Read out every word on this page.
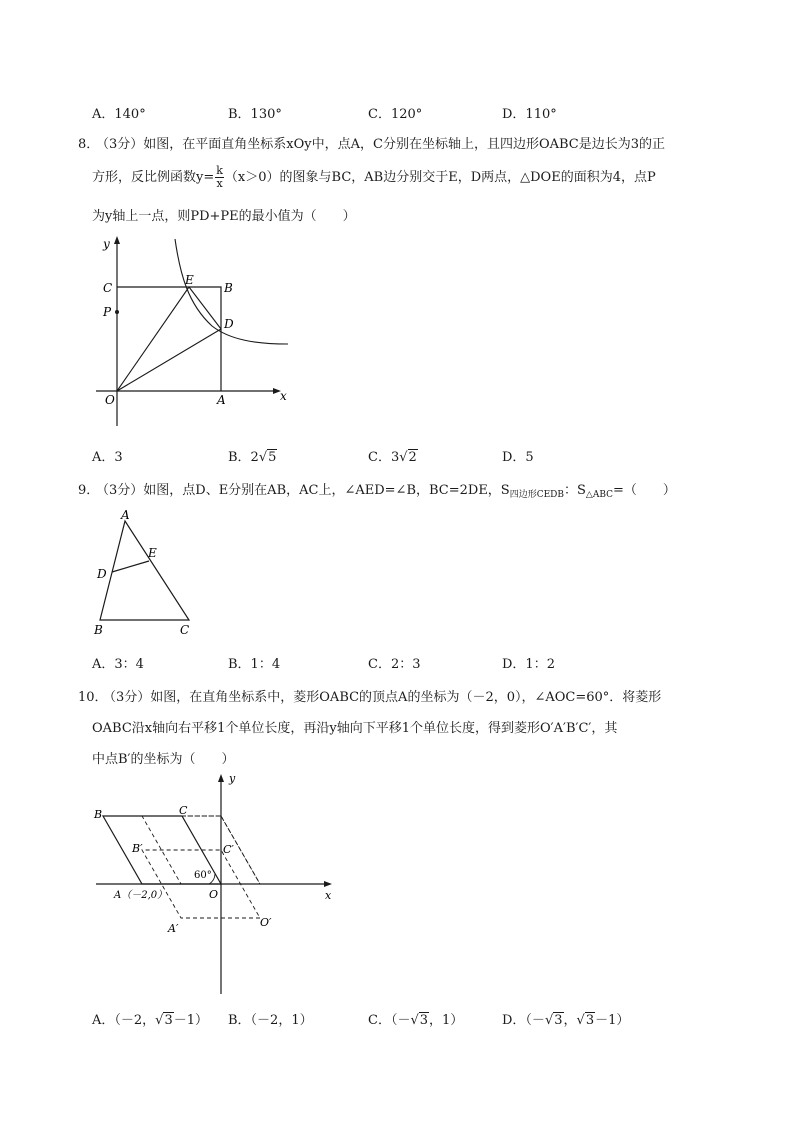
A．140°	B．130°	C．120°	D．110°
8．
（3分）如图，在平面直角坐标系xOy中，点A，C分别在坐标轴上，且四边形OABC是边长为3的正
方形，反比例函数$y= \frac{k}{x} (x>0)$的图象与BC，AB边分别交于E，D两点，△DOE的面积为4，点P
为y轴上一点，则PD+PE的最小值为（　　）
y
C
E
B
P
D
O	A	x
A．3	B．2√5	C．3√2	D．5
9．
（3分）如图，点D、E分别在AB，AC上，∠AED=∠B，BC=2DE，$S_{四边形CEDB}$：$S_{\triangle ABC}=$（　　）
A
E
D
B	C
A．3：4	B．1：4	C．2：3	D．1：2
10．
（3分）如图，在直角坐标系中，菱形OABC的顶点A的坐标为（－2，0），∠AOC=60°．将菱形
OABC沿x轴向右平移1个单位长度，再沿y轴向下平移1个单位长度，得到菱形O′A′B′C′，其
中点B′的坐标为（　　）
y
B	C
B′	C′
60°
A（－2,0）	O	x
A′	O′
A．（－2，√3－1） B．（－2，1）	C．（－√3，1）	D．（－√3，√3－1）
